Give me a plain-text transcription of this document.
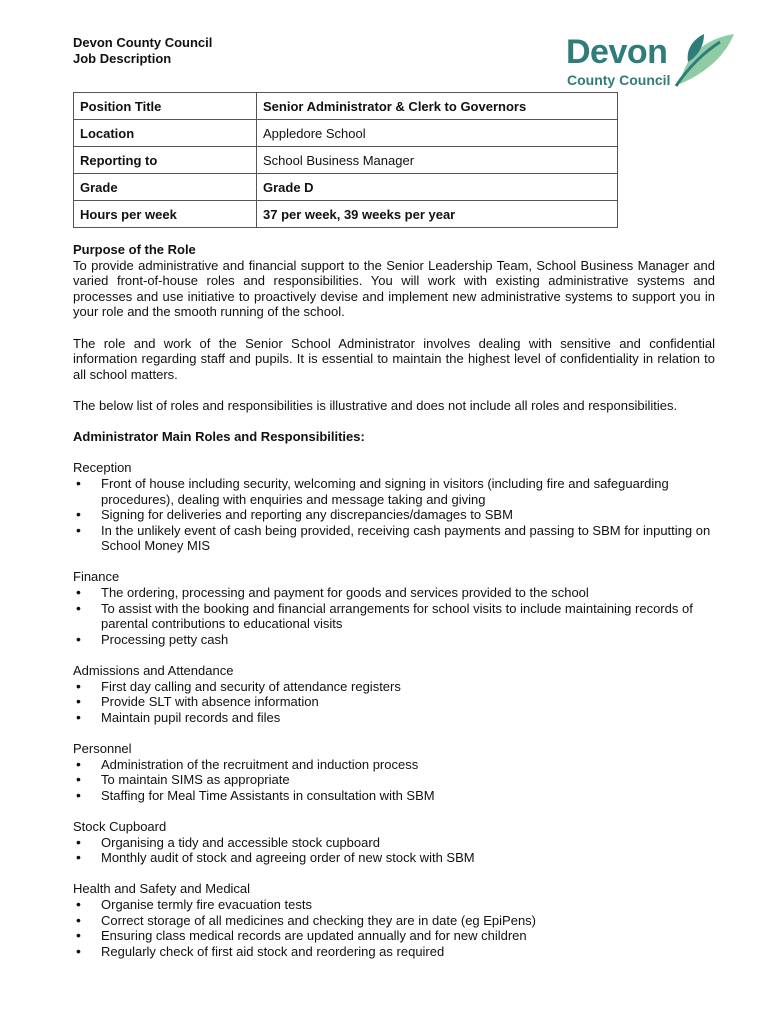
Devon County Council
Job Description	Devon
County Council
Position Title	Senior Administrator & Clerk to Governors
Location	Appledore School
Reporting to	School Business Manager
Grade	Grade D
Hours per week	37 per week, 39 weeks per year
Purpose of the Role

To provide administrative and financial support to the Senior Leadership Team, School Business Manager and varied front-of-house roles and responsibilities. You will work with existing administrative systems and processes and use initiative to proactively devise and implement new administrative systems to support you in your role and the smooth running of the school.

The role and work of the Senior School Administrator involves dealing with sensitive and confidential information regarding staff and pupils. It is essential to maintain the highest level of confidentiality in relation to all school matters.

The below list of roles and responsibilities is illustrative and does not include all roles and responsibilities.

Administrator Main Roles and Responsibilities:
Reception
• Front of house including security, welcoming and signing in visitors (including fire and safeguarding procedures), dealing with enquiries and message taking and giving
• Signing for deliveries and reporting any discrepancies/damages to SBM
• In the unlikely event of cash being provided, receiving cash payments and passing to SBM for inputting on School Money MIS
Finance
• The ordering, processing and payment for goods and services provided to the school
• To assist with the booking and financial arrangements for school visits to include maintaining records of parental contributions to educational visits
• Processing petty cash
Admissions and Attendance
• First day calling and security of attendance registers
• Provide SLT with absence information
• Maintain pupil records and files
Personnel
• Administration of the recruitment and induction process
• To maintain SIMS as appropriate
• Staffing for Meal Time Assistants in consultation with SBM
Stock Cupboard
• Organising a tidy and accessible stock cupboard
• Monthly audit of stock and agreeing order of new stock with SBM
Health and Safety and Medical
• Organise termly fire evacuation tests
• Correct storage of all medicines and checking they are in date (eg EpiPens)
• Ensuring class medical records are updated annually and for new children
• Regularly check of first aid stock and reordering as required
